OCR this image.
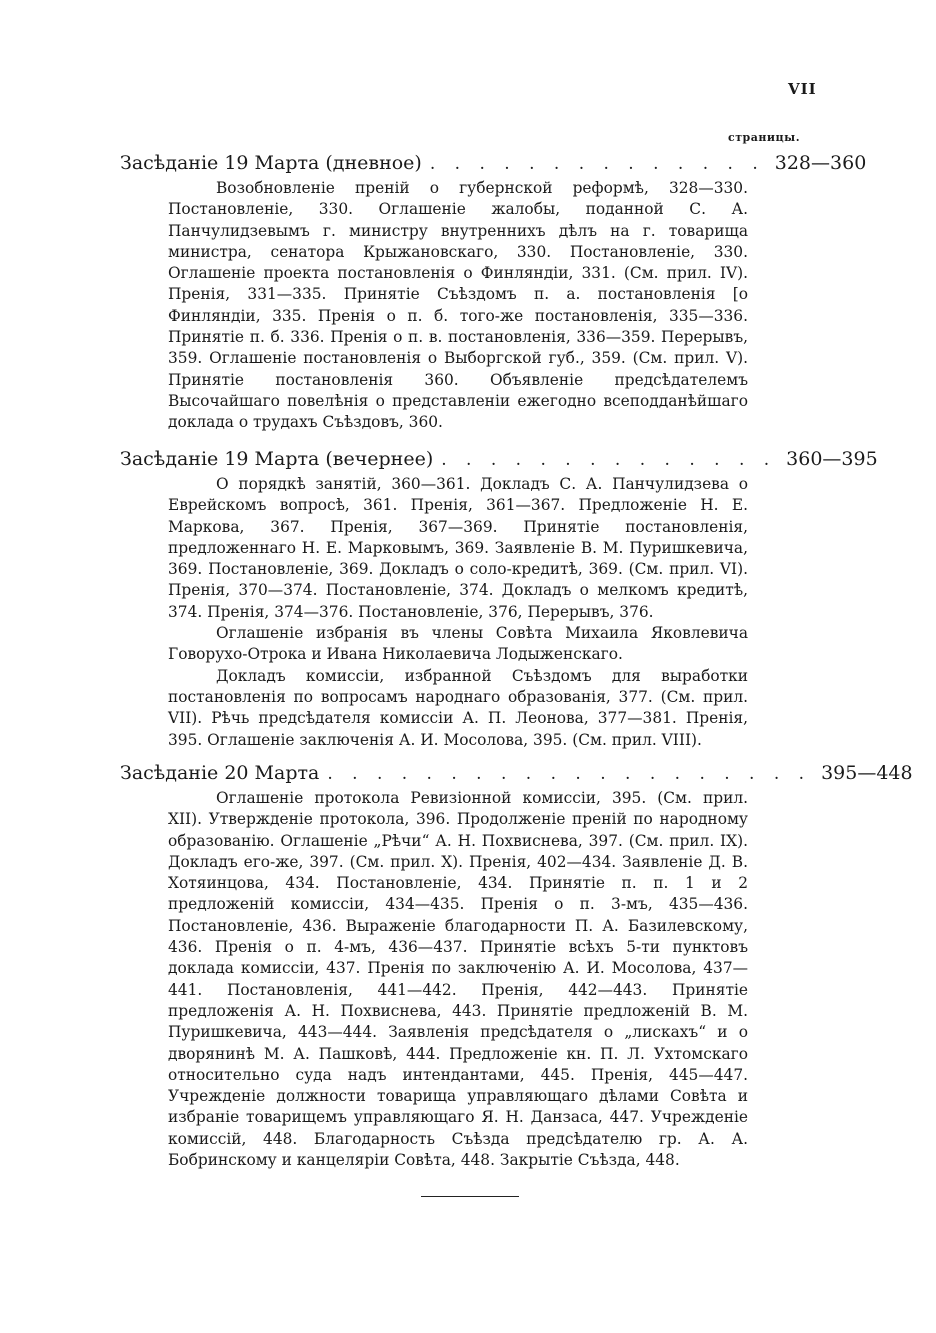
VII
страницы.
Засѣданіе 19 Марта (дневное) . . . . . . . . . . . . . . 328—360

Возобновленіе преній о губернской реформѣ, 328—330. Постановленіе, 330. Оглашеніе жалобы, поданной С. А. Панчулидзевымъ г. министру внутреннихъ дѣлъ на г. товарища министра, сенатора Крыжановскаго, 330. Постановленіе, 330. Оглашеніе проекта постановленія о Финляндіи, 331. (См. прил. IV). Пренія, 331—335. Принятіе Съѣздомъ п. а. постановленія [о Финляндіи, 335. Пренія о п. б. того-же постановленія, 335—336. Принятіе п. б. 336. Пренія о п. в. постановленія, 336—359. Перерывъ, 359. Оглашеніе постановленія о Выборгской губ., 359. (См. прил. V). Принятіе постановленія 360. Объявленіе предсѣдателемъ Высочайшаго повелѣнія о представленіи ежегодно всеподданѣйшаго доклада о трудахъ Съѣздовъ, 360.

Засѣданіе 19 Марта (вечернее) . . . . . . . . . . . . . . 360—395

О порядкѣ занятій, 360—361. Докладъ С. А. Панчулидзева о Еврейскомъ вопросѣ, 361. Пренія, 361—367. Предложеніе Н. Е. Маркова, 367. Пренія, 367—369. Принятіе постановленія, предложеннаго Н. Е. Марковымъ, 369. Заявленіе В. М. Пуришкевича, 369. Постановленіе, 369. Докладъ о соло-кредитѣ, 369. (См. прил. VI). Пренія, 370—374. Постановленіе, 374. Докладъ о мелкомъ кредитѣ, 374. Пренія, 374—376. Постановленіе, 376, Перерывъ, 376.

Оглашеніе избранія въ члены Совѣта Михаила Яковлевича Говорухо-Отрока и Ивана Николаевича Лодыженскаго.

Докладъ комиссіи, избранной Съѣздомъ для выработки постановленія по вопросамъ народнаго образованія, 377. (См. прил. VII). Рѣчь предсѣдателя комиссіи А. П. Леонова, 377—381. Пренія, 395. Оглашеніе заключенія А. И. Мосолова, 395. (См. прил. VIII).

Засѣданіе 20 Марта . . . . . . . . . . . . . . . . . . . . 395—448

Оглашеніе протокола Ревизіонной комиссіи, 395. (См. прил. XII). Утвержденіе протокола, 396. Продолженіе преній по народному образованію. Оглашеніе „Рѣчи“ А. Н. Похвиснева, 397. (См. прил. IX). Докладъ его-же, 397. (См. прил. X). Пренія, 402—434. Заявленіе Д. В. Хотяинцова, 434. Постановленіе, 434. Принятіе п. п. 1 и 2 предложеній комиссіи, 434—435. Пренія о п. 3-мъ, 435—436. Постановленіе, 436. Выраженіе благодарности П. А. Базилевскому, 436. Пренія о п. 4-мъ, 436—437. Принятіе всѣхъ 5-ти пунктовъ доклада комиссіи, 437. Пренія по заключенію А. И. Мосолова, 437—441. Постановленія, 441—442. Пренія, 442—443. Принятіе предложенія А. Н. Похвиснева, 443. Принятіе предложеній В. М. Пуришкевича, 443—444. Заявленія предсѣдателя о „лискахъ“ и о дворянинѣ М. А. Пашковѣ, 444. Предложеніе кн. П. Л. Ухтомскаго относительно суда надъ интендантами, 445. Пренія, 445—447. Учрежденіе должности товарища управляющаго дѣлами Совѣта и избраніе товарищемъ управляющаго Я. Н. Данзаса, 447. Учрежденіе комиссій, 448. Благодарность Съѣзда предсѣдателю гр. А. А. Бобринскому и канцеляріи Совѣта, 448. Закрытіе Съѣзда, 448.
